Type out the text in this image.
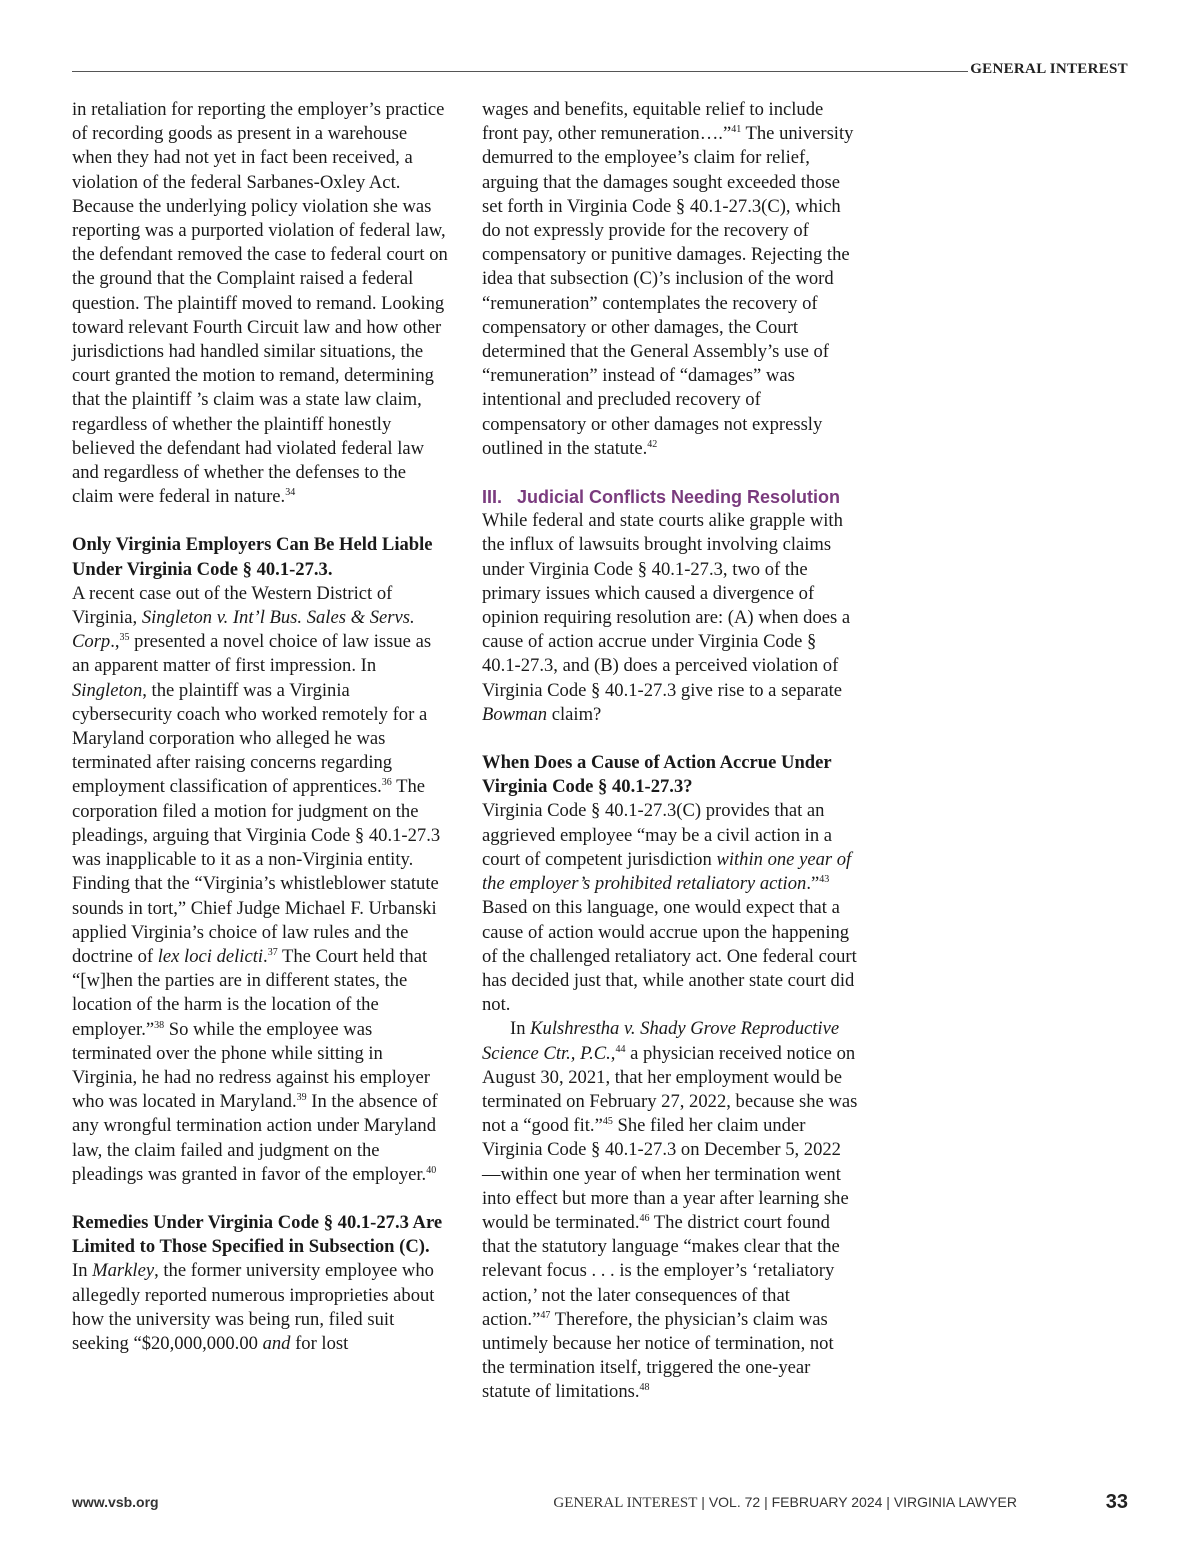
GENERAL INTEREST

in retaliation for reporting the employer’s practice of recording goods as present in a warehouse when they had not yet in fact been received, a violation of the federal Sarbanes-Oxley Act. Because the underlying policy violation she was reporting was a purported violation of federal law, the defendant removed the case to federal court on the ground that the Complaint raised a federal question. The plaintiff moved to remand. Looking toward relevant Fourth Circuit law and how other jurisdictions had handled similar situations, the court granted the motion to remand, determining that the plaintiff ’s claim was a state law claim, regardless of whether the plaintiff honestly believed the defendant had violated federal law and regardless of whether the defenses to the claim were federal in nature.$^{34}$

Only Virginia Employers Can Be Held Liable Under Virginia Code § 40.1-27.3.

A recent case out of the Western District of Virginia, Singleton v. Int’l Bus. Sales & Servs. Corp.,$^{35}$ presented a novel choice of law issue as an apparent matter of first impression. In Singleton, the plaintiff was a Virginia cybersecurity coach who worked remotely for a Maryland corporation who alleged he was terminated after raising concerns regarding employment classification of apprentices.$^{36}$ The corporation filed a motion for judgment on the pleadings, arguing that Virginia Code § 40.1-27.3 was inapplicable to it as a non-Virginia entity. Finding that the “Virginia’s whistleblower statute sounds in tort,” Chief Judge Michael F. Urbanski applied Virginia’s choice of law rules and the doctrine of lex loci delicti.$^{37}$ The Court held that “[w]hen the parties are in different states, the location of the harm is the location of the employer.”$^{38}$ So while the employee was terminated over the phone while sitting in Virginia, he had no redress against his employer who was located in Maryland.$^{39}$ In the absence of any wrongful termination action under Maryland law, the claim failed and judgment on the pleadings was granted in favor of the employer.$^{40}$

Remedies Under Virginia Code § 40.1-27.3 Are Limited to Those Specified in Subsection (C).

In Markley, the former university employee who allegedly reported numerous improprieties about how the university was being run, filed suit seeking “$20,000,000.00 and for lost

wages and benefits, equitable relief to include front pay, other remuneration….”$^{41}$ The university demurred to the employee’s claim for relief, arguing that the damages sought exceeded those set forth in Virginia Code § 40.1-27.3(C), which do not expressly provide for the recovery of compensatory or punitive damages. Rejecting the idea that subsection (C)’s inclusion of the word “remuneration” contemplates the recovery of compensatory or other damages, the Court determined that the General Assembly’s use of “remuneration” instead of “damages” was intentional and precluded recovery of compensatory or other damages not expressly outlined in the statute.$^{42}$

III.   Judicial Conflicts Needing Resolution

While federal and state courts alike grapple with the influx of lawsuits brought involving claims under Virginia Code § 40.1-27.3, two of the primary issues which caused a divergence of opinion requiring resolution are: (A) when does a cause of action accrue under Virginia Code § 40.1-27.3, and (B) does a perceived violation of Virginia Code § 40.1-27.3 give rise to a separate Bowman claim?

When Does a Cause of Action Accrue Under Virginia Code § 40.1-27.3?

Virginia Code § 40.1-27.3(C) provides that an aggrieved employee “may be a civil action in a court of competent jurisdiction within one year of the employer’s prohibited retaliatory action.”$^{43}$ Based on this language, one would expect that a cause of action would accrue upon the happening of the challenged retaliatory act. One federal court has decided just that, while another state court did not.

In Kulshrestha v. Shady Grove Reproductive Science Ctr., P.C.,$^{44}$ a physician received notice on August 30, 2021, that her employment would be terminated on February 27, 2022, because she was not a “good fit.”$^{45}$ She filed her claim under Virginia Code § 40.1-27.3 on December 5, 2022—within one year of when her termination went into effect but more than a year after learning she would be terminated.$^{46}$ The district court found that the statutory language “makes clear that the relevant focus . . . is the employer’s ‘retaliatory action,’ not the later consequences of that action.”$^{47}$ Therefore, the physician’s claim was untimely because her notice of termination, not the termination itself, triggered the one-year statute of limitations.$^{48}$

www.vsb.org	GENERAL INTEREST | VOL. 72 | FEBRUARY 2024 | VIRGINIA LAWYER	33
